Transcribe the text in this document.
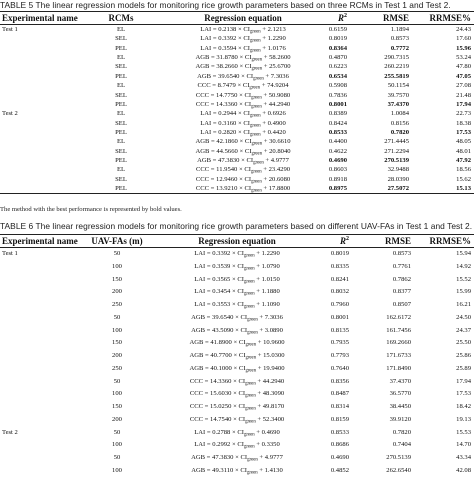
TABLE 5 The linear regression models for monitoring rice growth parameters based on three RCMs in Test 1 and Test 2.
Experimental name	RCMs	Regression equation	$R^2$	RMSE	RRMSE%
Test 1	EL	LAI = $0.2138 \times CI_{green} + 2.1213$	0.6159	1.1894	24.43
	SEL	LAI = $0.3392 \times CI_{green} + 1.2290$	0.8019	0.8573	17.60
	PEL	LAI = $0.3594 \times CI_{green} + 1.0176$	0.8364	0.7772	15.96
	EL	AGB = $31.8780 \times CI_{green} + 58.2600$	0.4870	290.7315	53.24
	SEL	AGB = $38.2660 \times CI_{green} + 25.6700$	0.6223	260.2219	47.80
	PEL	AGB = $39.6540 \times CI_{green} + 7.3036$	0.6534	255.5819	47.05
	EL	CCC = $8.7479 \times CI_{green} + 74.9204$	0.5908	50.1154	27.08
	SEL	CCC = $14.7750 \times CI_{green} + 50.9080$	0.7836	39.7570	21.48
	PEL	CCC = $14.3360 \times CI_{green} + 44.2940$	0.8001	37.4370	17.94
Test 2	EL	LAI = $0.2944 \times CI_{green} + 0.6926$	0.8389	1.0084	22.73
	SEL	LAI = $0.3160 \times CI_{green} + 0.4900$	0.8424	0.8156	18.38
	PEL	LAI = $0.2820 \times CI_{green} + 0.4420$	0.8533	0.7820	17.53
	EL	AGB = $42.1860 \times CI_{green} + 30.6610$	0.4400	271.4445	48.05
	SEL	AGB = $44.5660 \times CI_{green} + 20.8040$	0.4622	271.2294	48.01
	PEL	AGB = $47.3830 \times CI_{green} + 4.9777$	0.4690	270.5139	47.92
	EL	CCC = $11.9540 \times CI_{green} + 23.4290$	0.8603	32.9488	18.56
	SEL	CCC = $12.9460 \times CI_{green} + 20.6080$	0.8918	28.0390	15.62
	PEL	CCC = $13.9210 \times CI_{green} + 17.8800$	0.8975	27.5072	15.13
The method with the best performance is represented by bold values.
TABLE 6 The linear regression models for monitoring rice growth parameters based on different UAV-FAs in Test 1 and Test 2.
Experimental name	UAV-FAs (m)	Regression equation	$R^2$	RMSE	RRMSE%
Test 1	50	LAI = $0.3392 \times CI_{green} + 1.2290$	0.8019	0.8573	15.94
	100	LAI = $0.3539 \times CI_{green} + 1.0790$	0.8335	0.7761	14.92
	150	LAI = $0.3565 \times CI_{green} + 1.0150$	0.8241	0.7862	15.52
	200	LAI = $0.3454 \times CI_{green} + 1.1880$	0.8032	0.8377	15.99
	250	LAI = $0.3553 \times CI_{green} + 1.1090$	0.7960	0.8507	16.21
	50	AGB = $39.6540 \times CI_{green} + 7.3036$	0.8001	162.6172	24.50
	100	AGB = $43.5090 \times CI_{green} + 3.0890$	0.8135	161.7456	24.37
	150	AGB = $41.8900 \times CI_{green} + 10.9600$	0.7935	169.2660	25.50
	200	AGB = $40.7700 \times CI_{green} + 15.0300$	0.7793	171.6733	25.86
	250	AGB = $40.1000 \times CI_{green} + 19.9400$	0.7640	171.8490	25.89
	50	CCC = $14.3360 \times CI_{green} + 44.2940$	0.8356	37.4370	17.94
	100	CCC = $15.6030 \times CI_{green} + 48.3090$	0.8487	36.5770	17.53
	150	CCC = $15.0250 \times CI_{green} + 49.8170$	0.8314	38.4450	18.42
	200	CCC = $14.7540 \times CI_{green} + 52.3400$	0.8159	39.9120	19.13
Test 2	50	LAI = $0.2788 \times CI_{green} + 0.4690$	0.8533	0.7820	15.53
	100	LAI = $0.2992 \times CI_{green} + 0.3350$	0.8686	0.7404	14.70
	50	AGB = $47.3830 \times CI_{green} + 4.9777$	0.4690	270.5139	43.34
	100	AGB = $49.3110 \times CI_{green} + 1.4130$	0.4852	262.6540	42.08
